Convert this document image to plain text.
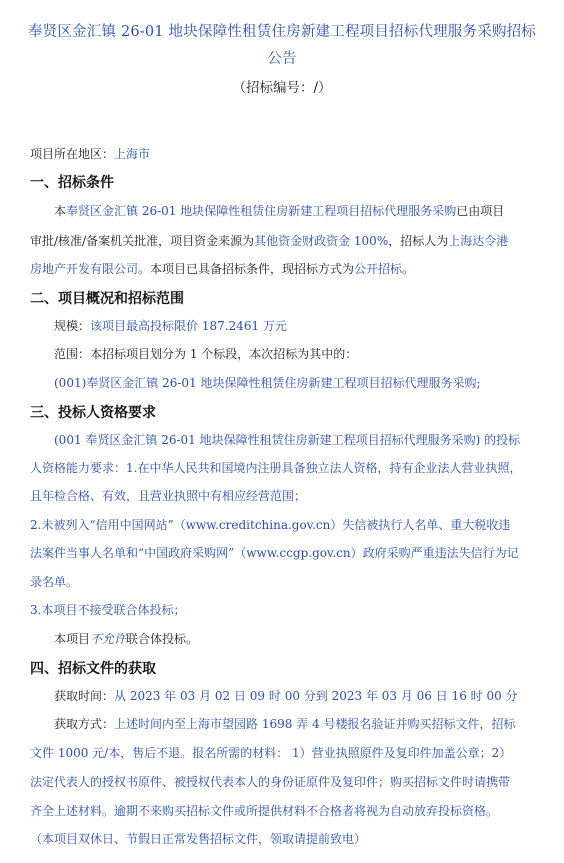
奉贤区金汇镇 26-01 地块保障性租赁住房新建工程项目招标代理服务采购招标
公告
（招标编号：/）
项目所在地区：上海市
一、招标条件
本奉贤区金汇镇 26-01 地块保障性租赁住房新建工程项目招标代理服务采购已由项目
审批/核准/备案机关批准，项目资金来源为其他资金财政资金 100%，招标人为上海达令港
房地产开发有限公司。本项目已具备招标条件，现招标方式为公开招标。
二、项目概况和招标范围
规模：该项目最高投标限价 187.2461 万元
范围：本招标项目划分为 1 个标段，本次招标为其中的：
(001)奉贤区金汇镇 26-01 地块保障性租赁住房新建工程项目招标代理服务采购;
三、投标人资格要求
(001 奉贤区金汇镇 26-01 地块保障性租赁住房新建工程项目招标代理服务采购) 的投标
人资格能力要求：1.在中华人民共和国境内注册具备独立法人资格，持有企业法人营业执照，
且年检合格、有效，且营业执照中有相应经营范围；
2.未被列入“信用中国网站”（www.creditchina.gov.cn）失信被执行人名单、重大税收违
法案件当事人名单和“中国政府采购网”（www.ccgp.gov.cn）政府采购严重违法失信行为记
录名单。
3.本项目不接受联合体投标；
本项目不允许联合体投标。
四、招标文件的获取
获取时间：从 2023 年 03 月 02 日 09 时 00 分到 2023 年 03 月 06 日 16 时 00 分
获取方式：上述时间内至上海市望园路 1698 弄 4 号楼报名验证并购买招标文件，招标
文件 1000 元/本，售后不退。报名所需的材料： 1）营业执照原件及复印件加盖公章；2）
法定代表人的授权书原件、被授权代表本人的身份证原件及复印件；购买招标文件时请携带
齐全上述材料。逾期不来购买招标文件或所提供材料不合格者将视为自动放弃投标资格。
（本项目双休日、节假日正常发售招标文件，领取请提前致电）
